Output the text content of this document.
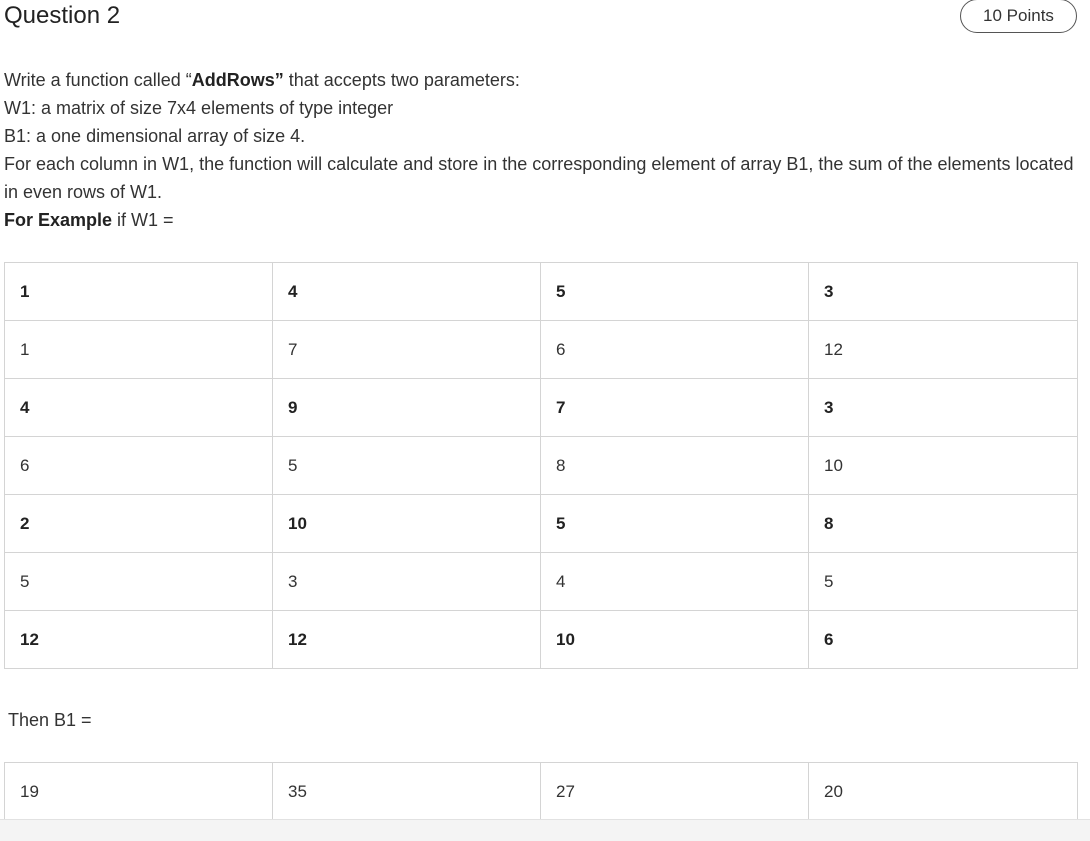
Question 2	10 Points

Write a function called “AddRows” that accepts two parameters:

W1: a matrix of size 7x4 elements of type integer

B1: a one dimensional array of size 4.

For each column in W1, the function will calculate and store in the corresponding element of array B1, the sum of the elements located in even rows of W1.

For Example if W1 =

1	4	5	3
1	7	6	12
4	9	7	3
6	5	8	10
2	10	5	8
5	3	4	5
12	12	10	6
Then B1 =
19	35	27	20
